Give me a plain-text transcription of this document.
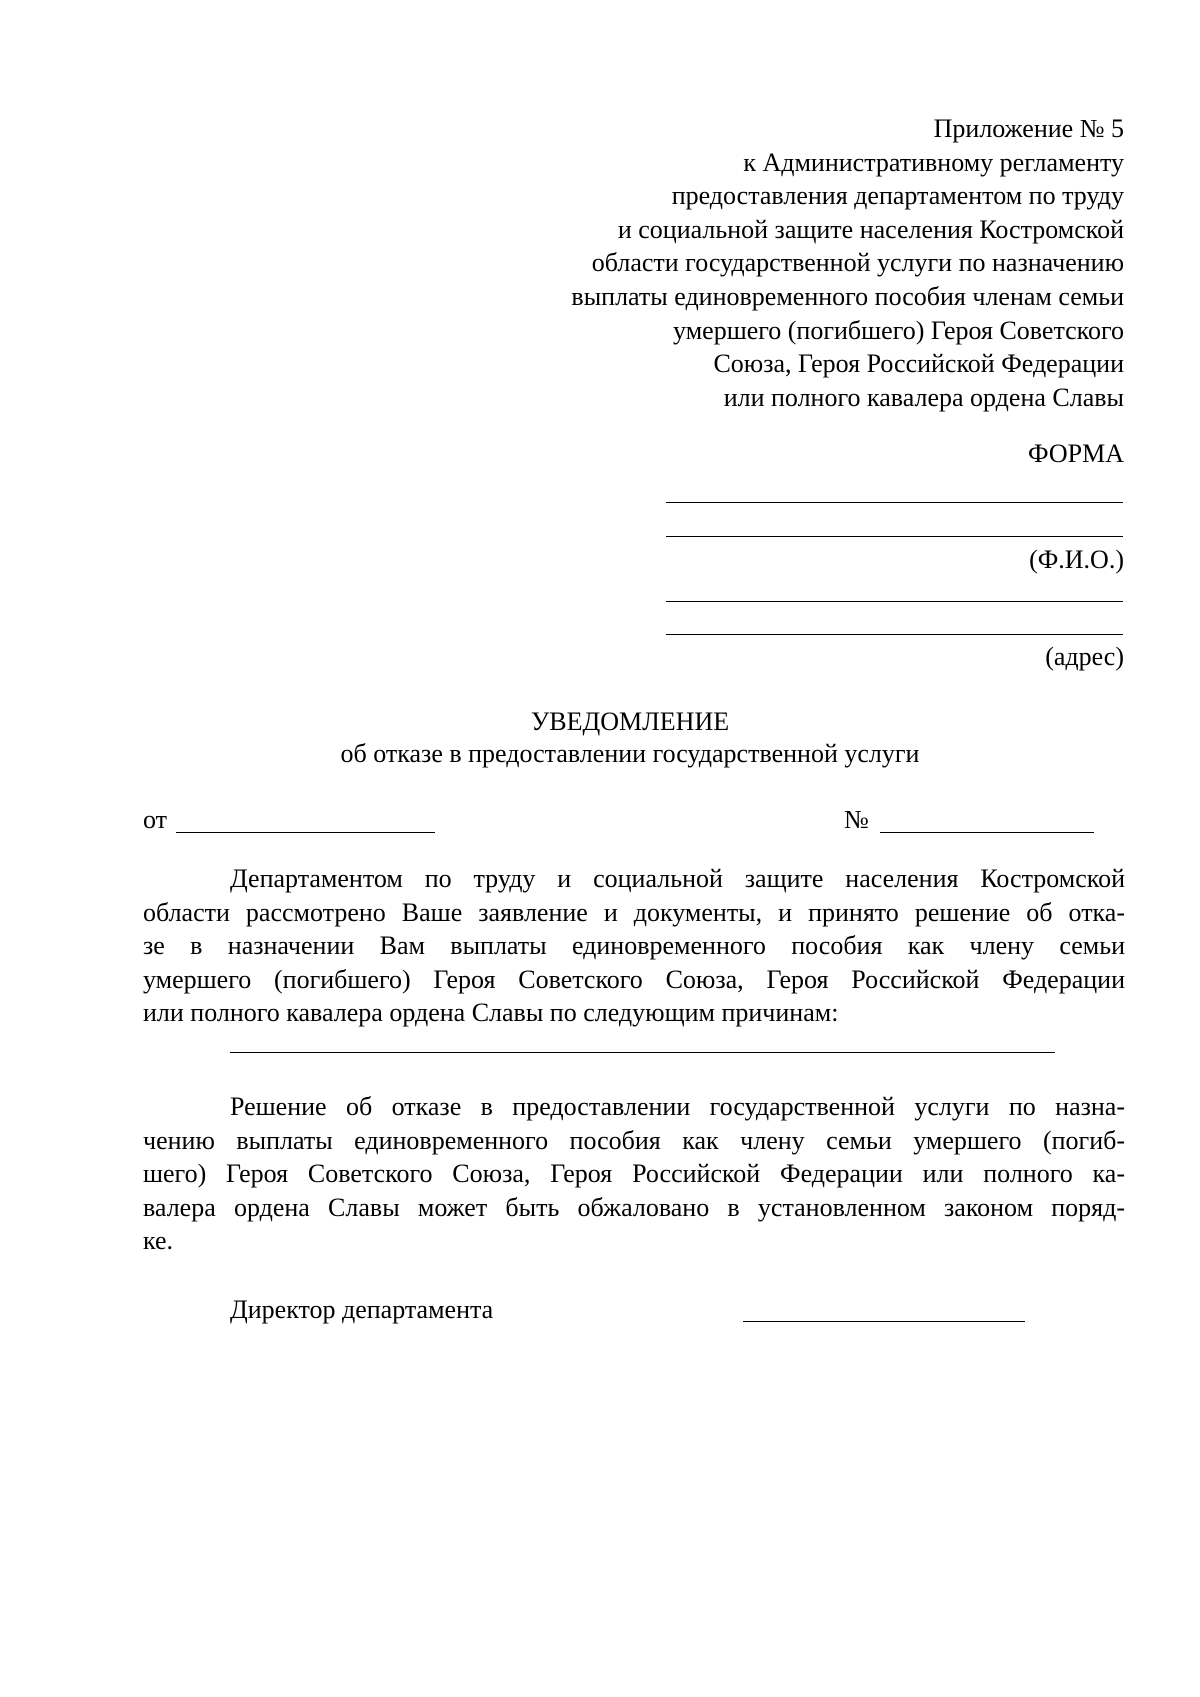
Приложение № 5
к Административному регламенту
предоставления департаментом по труду
и социальной защите населения Костромской
области государственной услуги по назначению
выплаты единовременного пособия членам семьи
умершего (погибшего) Героя Советского
Союза, Героя Российской Федерации
или полного кавалера ордена Славы
ФОРМА
(Ф.И.О.)
(адрес)
УВЕДОМЛЕНИЕ
об отказе в предоставлении государственной услуги
от	№
Департаментом по труду и социальной защите населения Костромской
области рассмотрено Ваше заявление и документы, и принято решение об отка-
зе в назначении Вам выплаты единовременного пособия как члену семьи
умершего (погибшего) Героя Советского Союза, Героя Российской Федерации
или полного кавалера ордена Славы по следующим причинам:
Решение об отказе в предоставлении государственной услуги по назна-
чению выплаты единовременного пособия как члену семьи умершего (погиб-
шего) Героя Советского Союза, Героя Российской Федерации или полного ка-
валера ордена Славы может быть обжаловано в установленном законом поряд-
ке.
Директор департамента
